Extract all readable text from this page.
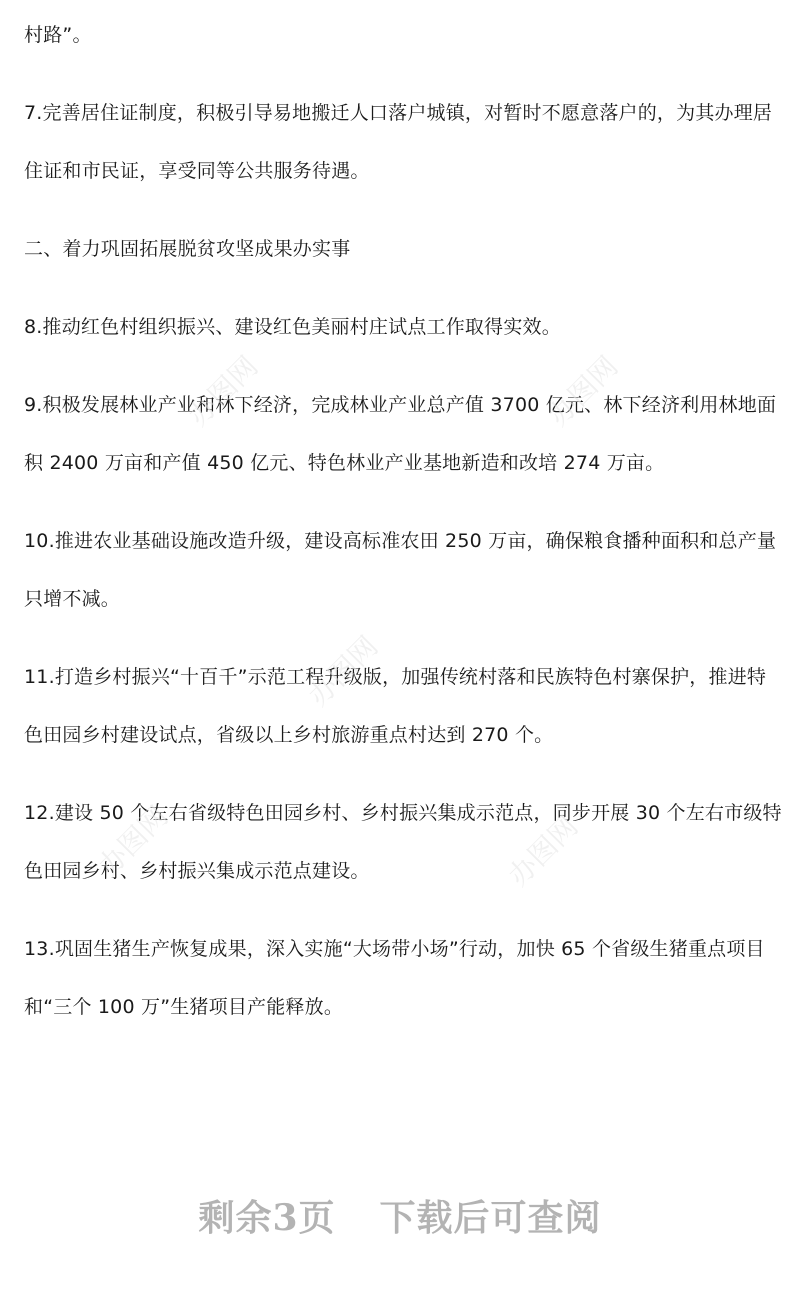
村路”。

7.完善居住证制度，积极引导易地搬迁人口落户城镇，对暂时不愿意落户的，为其办理居住证和市民证，享受同等公共服务待遇。

二、着力巩固拓展脱贫攻坚成果办实事

8.推动红色村组织振兴、建设红色美丽村庄试点工作取得实效。

9.积极发展林业产业和林下经济，完成林业产业总产值 3700 亿元、林下经济利用林地面积 2400 万亩和产值 450 亿元、特色林业产业基地新造和改培 274 万亩。

10.推进农业基础设施改造升级，建设高标准农田 250 万亩，确保粮食播种面积和总产量只增不减。

11.打造乡村振兴“十百千”示范工程升级版，加强传统村落和民族特色村寨保护，推进特色田园乡村建设试点，省级以上乡村旅游重点村达到 270 个。

12.建设 50 个左右省级特色田园乡村、乡村振兴集成示范点，同步开展 30 个左右市级特色田园乡村、乡村振兴集成示范点建设。

13.巩固生猪生产恢复成果，深入实施“大场带小场”行动，加快 65 个省级生猪重点项目和“三个 100 万”生猪项目产能释放。

办图网	办图网
办图网
办图网	办图网
剩余3页 下载后可查阅
